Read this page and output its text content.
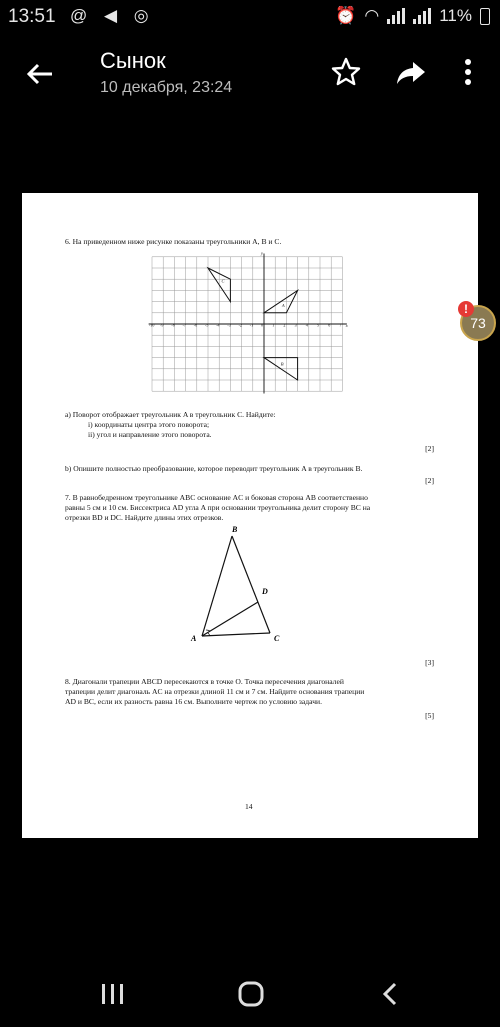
13:51 @ ◀ ◎	⏰ ◠	11%
Сынок
10 декабря, 23:24
6. На приведенном ниже рисунке показаны треугольники A, B и C.
-10 -9 -8 -7 -6 -5 -4 -3 -2 -1 0 1 2 3 4 5 6 7 x
y
C
A
B
a) Поворот отображает треугольник A в треугольник C. Найдите:
i) координаты центра этого поворота;
ii) угол и направление этого поворота.
[2]
b) Опишите полностью преобразование, которое переводит треугольник A в треугольник B.
[2]
7. В равнобедренном треугольнике ABC основание AC и боковая сторона AB соответственно
равны 5 см и 10 см. Биссектриса AD угла A при основании треугольника делит сторону BC на
отрезки BD и DC. Найдите длины этих отрезков.
B
A	C
D
[3]
8. Диагонали трапеции ABCD пересекаются в точке O. Точка пересечения диагоналей
трапеции делит диагональ AC на отрезки длиной 11 см и 7 см. Найдите основания трапеции
AD и BC, если их разность равна 16 см. Выполните чертеж по условию задачи.
[5]
14
73
!
